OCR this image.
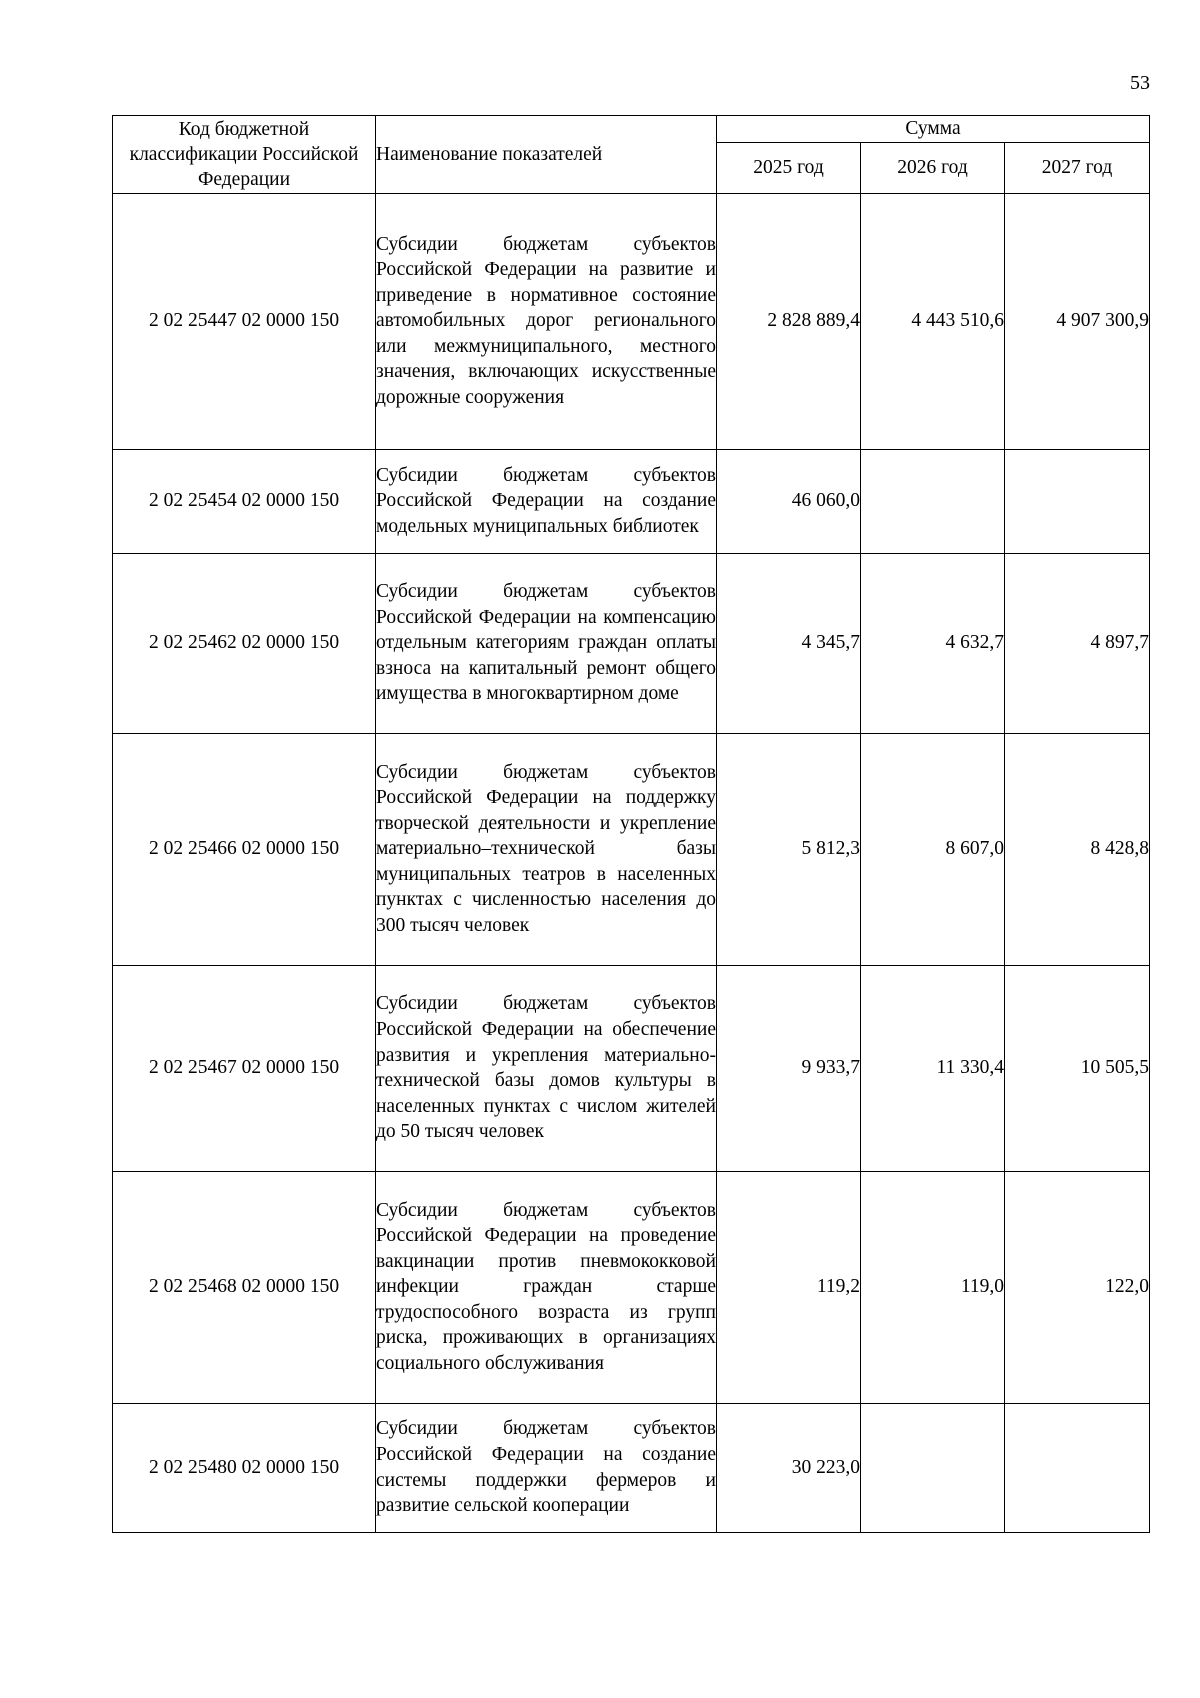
53
Код бюджетной классификации Российской Федерации	Наименование показателей	Сумма		
		2025 год	2026 год	2027 год
2 02 25447 02 0000 150	Субсидии бюджетам субъектов Российской Федерации на развитие и приведение в нормативное состояние автомобильных дорог регионального или межмуниципального, местного значения, включающих искусственные дорожные сооружения	2 828 889,4	4 443 510,6	4 907 300,9
2 02 25454 02 0000 150	Субсидии бюджетам субъектов Российской Федерации на создание модельных муниципальных библиотек	46 060,0		
2 02 25462 02 0000 150	Субсидии бюджетам субъектов Российской Федерации на компенсацию отдельным категориям граждан оплаты взноса на капитальный ремонт общего имущества в многоквартирном доме	4 345,7	4 632,7	4 897,7
2 02 25466 02 0000 150	Субсидии бюджетам субъектов Российской Федерации на поддержку творческой деятельности и укрепление материально–технической базы муниципальных театров в населенных пунктах с численностью населения до 300 тысяч человек	5 812,3	8 607,0	8 428,8
2 02 25467 02 0000 150	Субсидии бюджетам субъектов Российской Федерации на обеспечение развития и укрепления материально-технической базы домов культуры в населенных пунктах с числом жителей до 50 тысяч человек	9 933,7	11 330,4	10 505,5
2 02 25468 02 0000 150	Субсидии бюджетам субъектов Российской Федерации на проведение вакцинации против пневмококковой инфекции граждан старше трудоспособного возраста из групп риска, проживающих в организациях социального обслуживания	119,2	119,0	122,0
2 02 25480 02 0000 150	Субсидии бюджетам субъектов Российской Федерации на создание системы поддержки фермеров и развитие сельской кооперации	30 223,0		
